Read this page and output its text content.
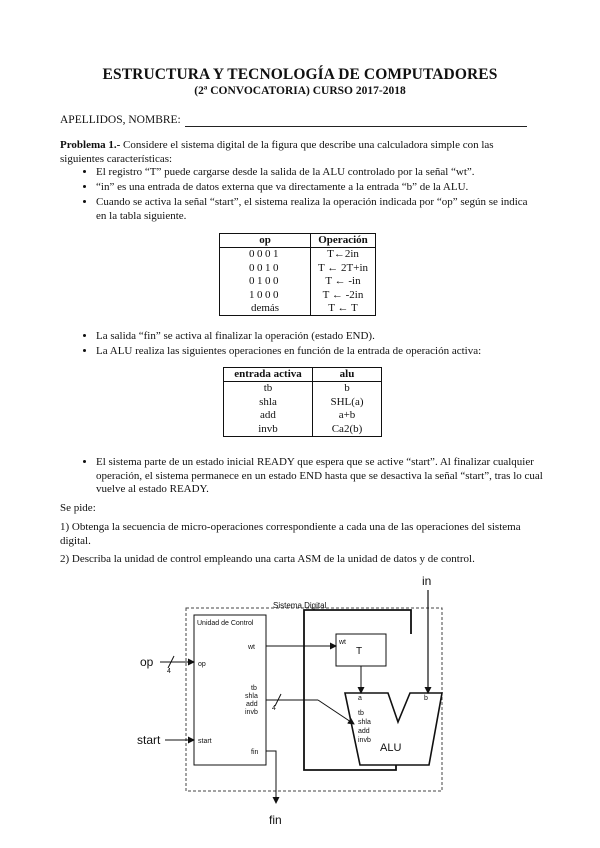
ESTRUCTURA Y TECNOLOGÍA DE COMPUTADORES
(2ª CONVOCATORIA) CURSO 2017-2018
APELLIDOS, NOMBRE:
Problema 1.- Considere el sistema digital de la figura que describe una calculadora simple con las siguientes características:
• El registro “T” puede cargarse desde la salida de la ALU controlado por la señal “wt”.
• “in” es una entrada de datos externa que va directamente a la entrada “b” de la ALU.
• Cuando se activa la señal “start”, el sistema realiza la operación indicada por “op” según se indica en la tabla siguiente.
op	Operación
0001	T←2in
0010	T ← 2T+in
0100	T ← -in
1000	T ← -2in
demás	T ← T
• La salida “fin” se activa al finalizar la operación (estado END).
• La ALU realiza las siguientes operaciones en función de la entrada de operación activa:
entrada activa	alu
tb	b
shla	SHL(a)
add	a+b
invb	Ca2(b)
• El sistema parte de un estado inicial READY que espera que se active “start”. Al finalizar cualquier operación, el sistema permanece en un estado END hasta que se desactiva la señal “start”, tras lo cual vuelve al estado READY.
Se pide:
1) Obtenga la secuencia de micro-operaciones correspondiente a cada una de las operaciones del sistema digital.
2) Describa la unidad de control empleando una carta ASM de la unidad de datos y de control.
Sistema Digital
Unidad de Control
in
op
4
op
start	start
wt
wt
T
a	b
ALU
tb
shla
add
invb
4
tb
shla
add
invb
fin
fin
